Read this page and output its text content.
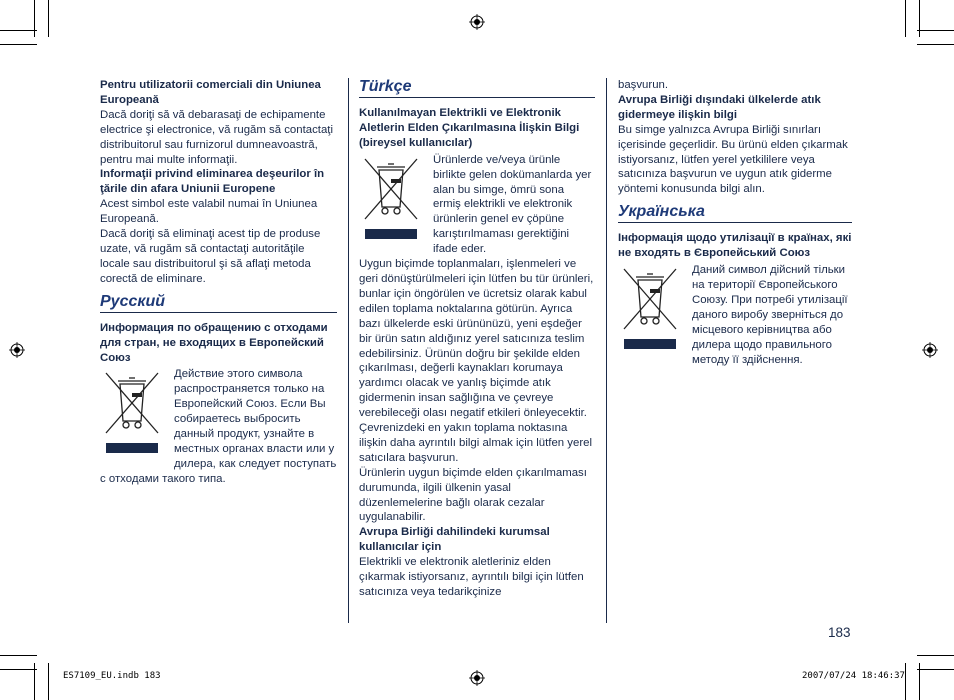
Pentru utilizatorii comerciali din Uniunea Europeană

Dacă doriţi să vă debarasaţi de echipamente electrice şi electronice, vă rugăm să contactaţi distribuitorul sau furnizorul dumneavoastră, pentru mai multe informaţii.

Informaţii privind eliminarea deşeurilor în ţările din afara Uniunii Europene

Acest simbol este valabil numai în Uniunea Europeană.

Dacă doriţi să eliminaţi acest tip de produse uzate, vă rugăm să contactaţi autorităţile locale sau distribuitorul şi să aflaţi metoda corectă de eliminare.

Русский

Информация по обращению с отходами для стран, не входящих в Европейский Союз

Действие этого символа распространяется только на Европейский Союз. Если Вы собираетесь выбросить данный продукт, узнайте в местных органах власти или у дилера, как следует поступать с отходами такого типа.

Türkçe

Kullanılmayan Elektrikli ve Elektronik Aletlerin Elden Çıkarılmasına İlişkin Bilgi (bireysel kullanıcılar)

Ürünlerde ve/veya ürünle birlikte gelen dokümanlarda yer alan bu simge, ömrü sona ermiş elektrikli ve elektronik ürünlerin genel ev çöpüne karıştırılmaması gerektiğini ifade eder.

Uygun biçimde toplanmaları, işlenmeleri ve geri dönüştürülmeleri için lütfen bu tür ürünleri, bunlar için öngörülen ve ücretsiz olarak kabul edilen toplama noktalarına götürün. Ayrıca bazı ülkelerde eski ürününüzü, yeni eşdeğer bir ürün satın aldığınız yerel satıcınıza teslim edebilirsiniz. Ürünün doğru bir şekilde elden çıkarılması, değerli kaynakları korumaya yardımcı olacak ve yanlış biçimde atık gidermenin insan sağlığına ve çevreye verebileceği olası negatif etkileri önleyecektir. Çevrenizdeki en yakın toplama noktasına ilişkin daha ayrıntılı bilgi almak için lütfen yerel satıcılara başvurun.

Ürünlerin uygun biçimde elden çıkarılmaması durumunda, ilgili ülkenin yasal düzenlemelerine bağlı olarak cezalar uygulanabilir.

Avrupa Birliği dahilindeki kurumsal kullanıcılar için

Elektrikli ve elektronik aletleriniz elden çıkarmak istiyorsanız, ayrıntılı bilgi için lütfen satıcınıza veya tedarikçinize

başvurun.

Avrupa Birliği dışındaki ülkelerde atık gidermeye ilişkin bilgi

Bu simge yalnızca Avrupa Birliği sınırları içerisinde geçerlidir. Bu ürünü elden çıkarmak istiyorsanız, lütfen yerel yetkililere veya satıcınıza başvurun ve uygun atık giderme yöntemi konusunda bilgi alın.

Українська

Інформація щодо утилізації в країнах, які не входять в Європейський Союз

Даний символ дійсний тільки на території Європейського Союзу. При потребі утилізації даного виробу зверніться до місцевого керівництва або дилера щодо правильного методу її здійснення.

183
ES7109_EU.indb 183	2007/07/24 18:46:37
